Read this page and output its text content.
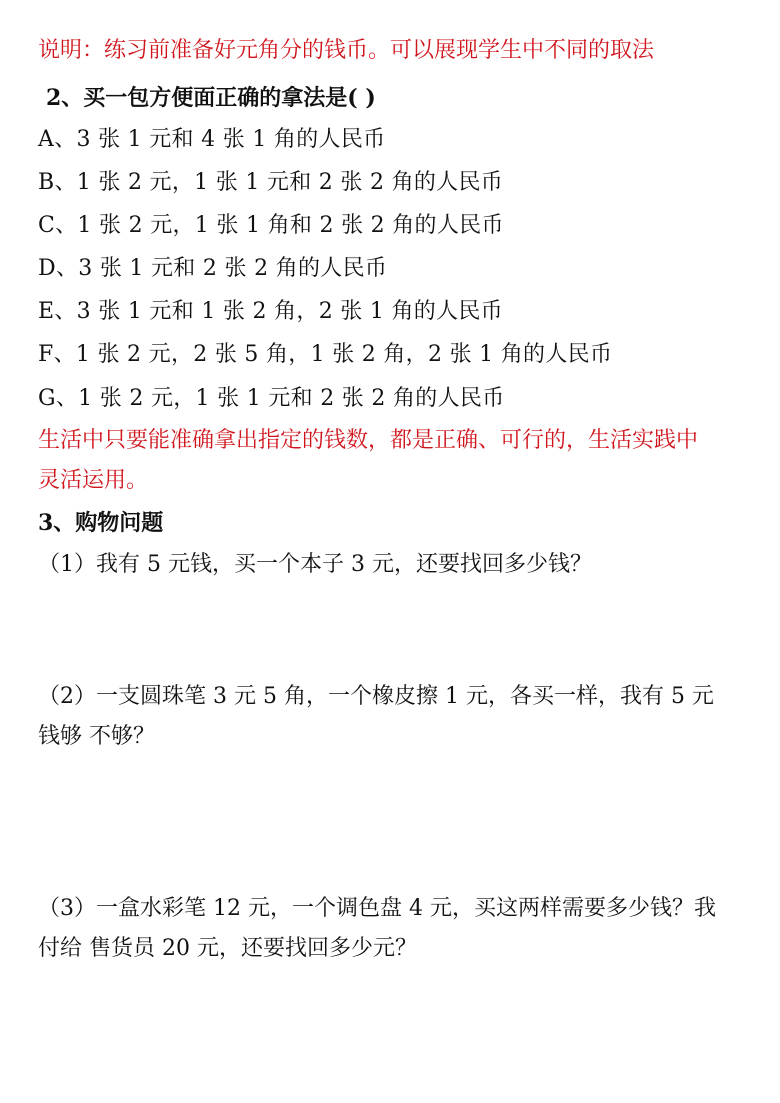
说明：练习前准备好元角分的钱币。可以展现学生中不同的取法
2、买一包方便面正确的拿法是( )
A、3 张 1 元和 4 张 1 角的人民币
B、1 张 2 元，1 张 1 元和 2 张 2 角的人民币
C、1 张 2 元，1 张 1 角和 2 张 2 角的人民币
D、3 张 1 元和 2 张 2 角的人民币
E、3 张 1 元和 1 张 2 角，2 张 1 角的人民币
F、1 张 2 元，2 张 5 角，1 张 2 角，2 张 1 角的人民币
G、1 张 2 元，1 张 1 元和 2 张 2 角的人民币
生活中只要能准确拿出指定的钱数，都是正确、可行的，生活实践中
灵活运用。
3、购物问题
（1）我有 5 元钱，买一个本子 3 元，还要找回多少钱？
（2）一支圆珠笔 3 元 5 角，一个橡皮擦 1 元，各买一样，我有 5 元
钱够 不够？
（3）一盒水彩笔 12 元，一个调色盘 4 元，买这两样需要多少钱？我
付给 售货员 20 元，还要找回多少元？
